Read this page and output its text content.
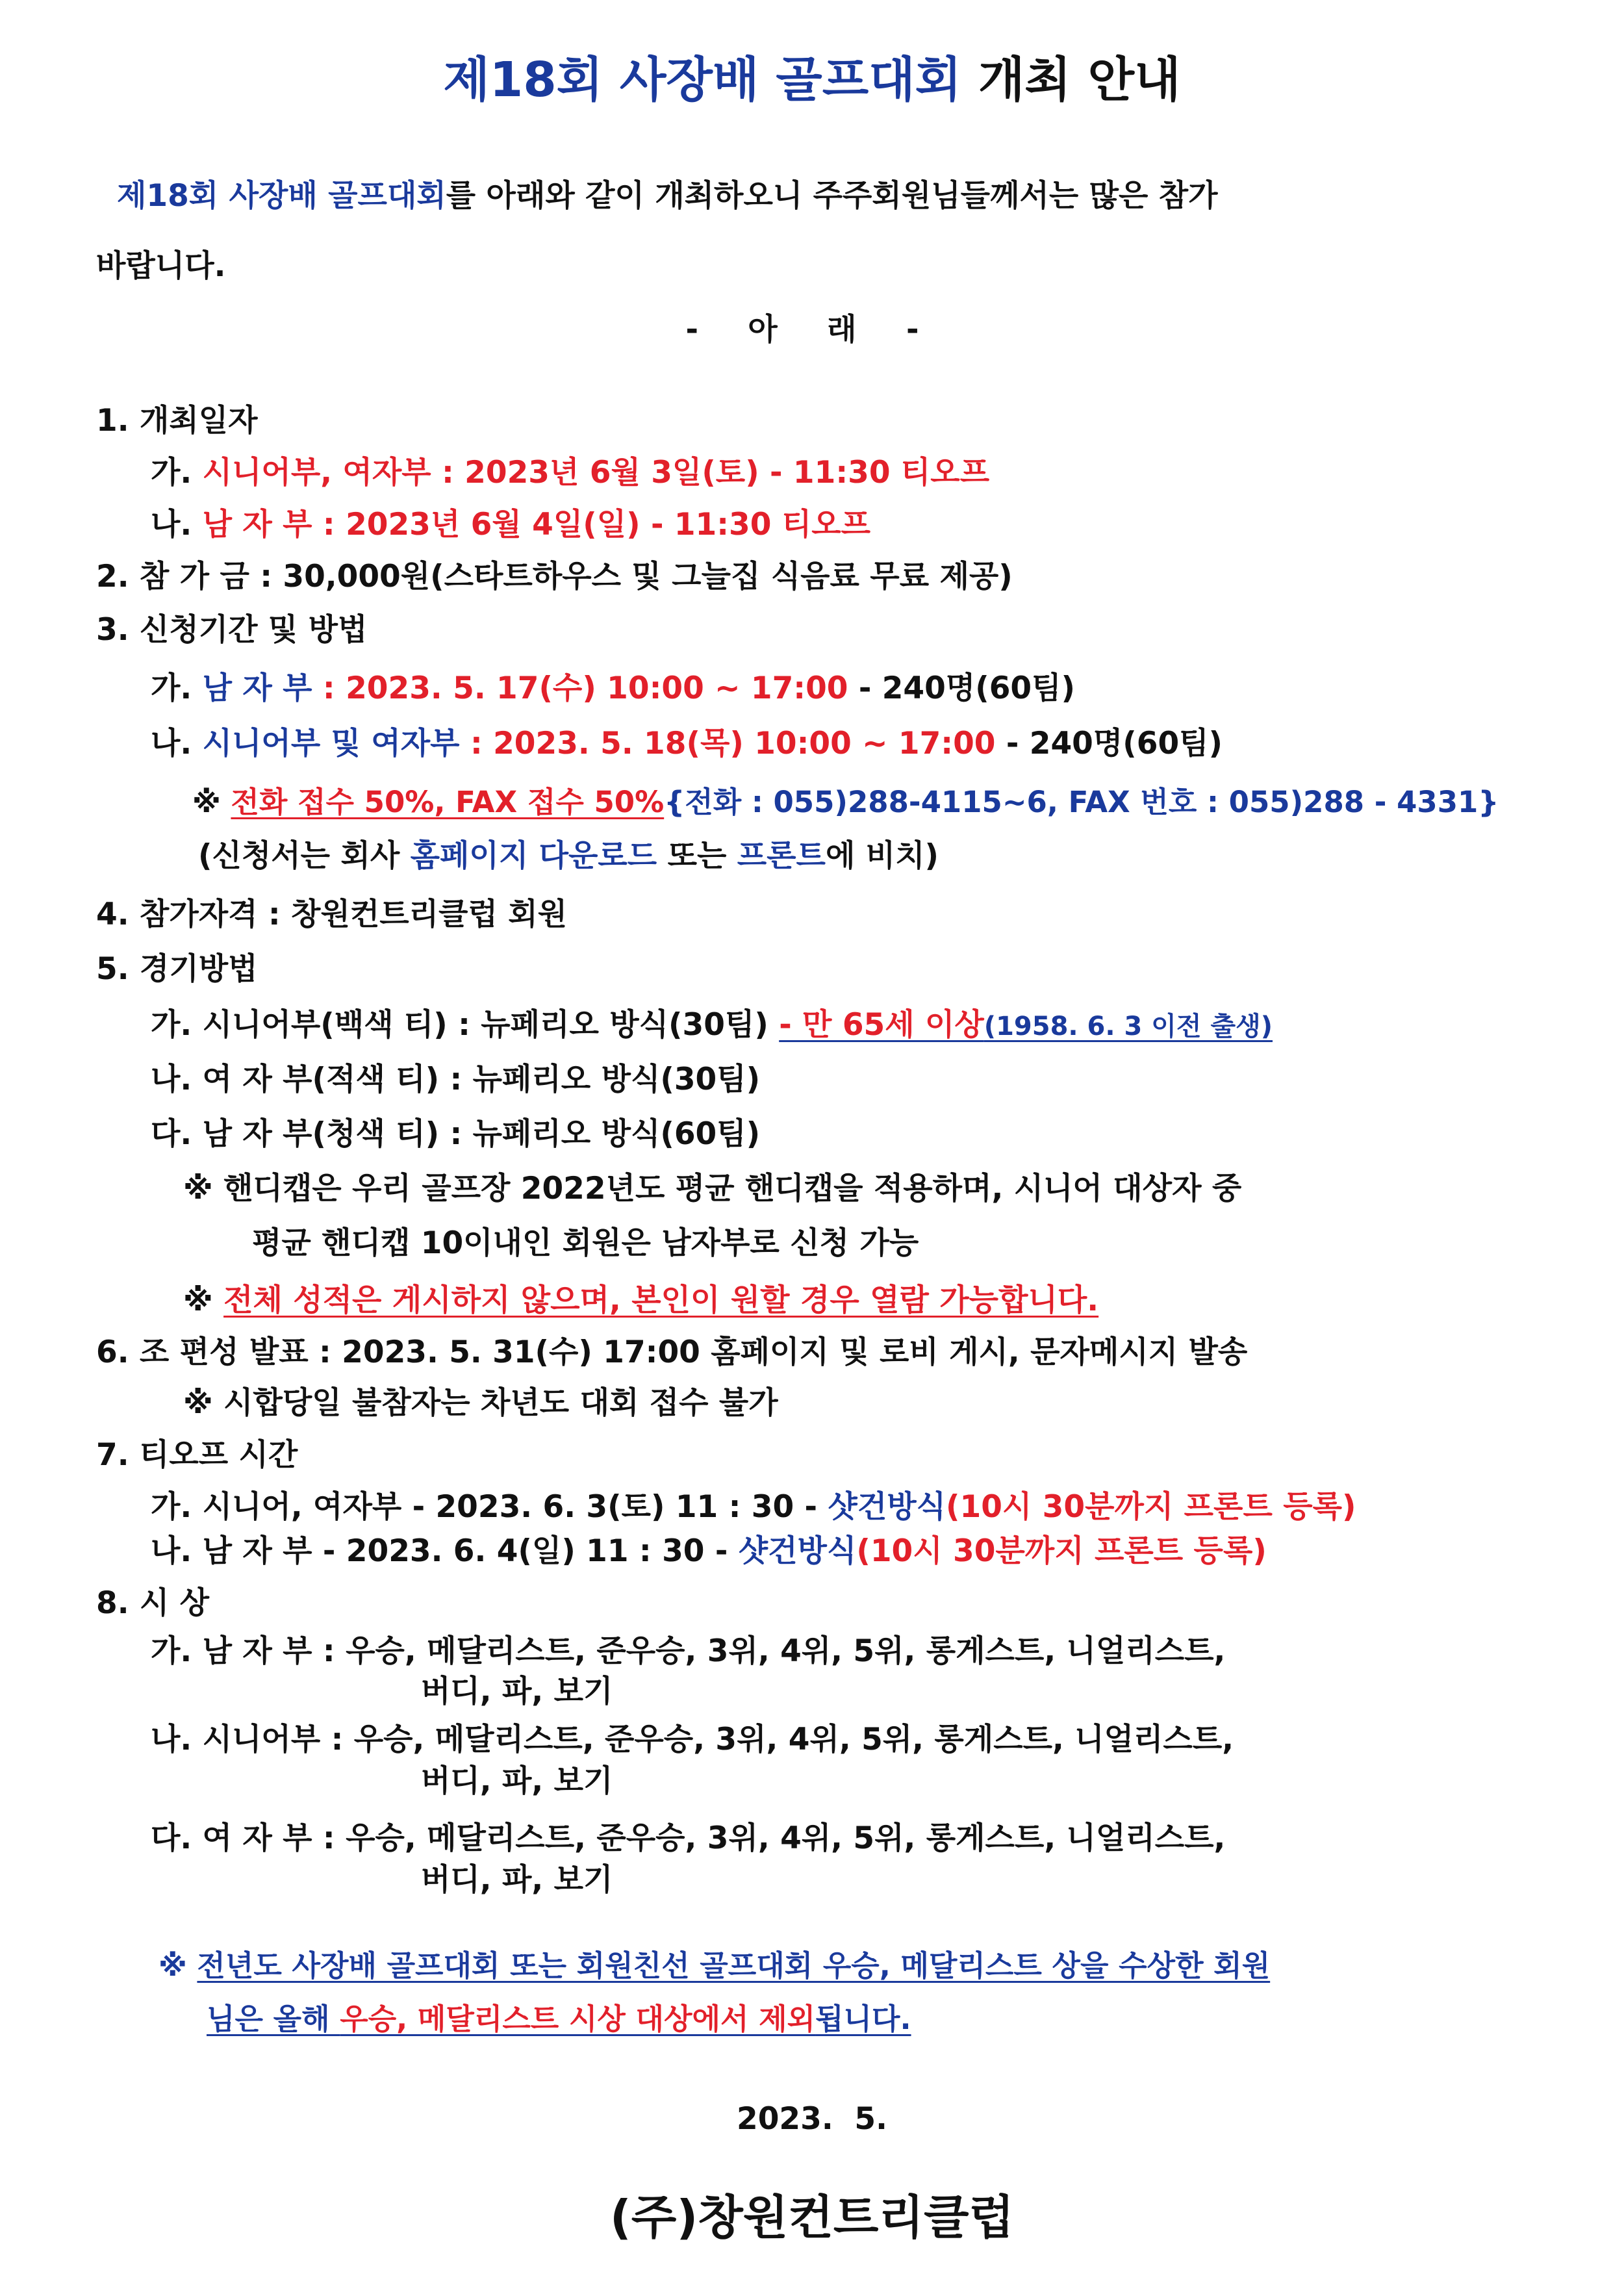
제18회 사장배 골프대회 개최 안내
제18회 사장배 골프대회를 아래와 같이 개최하오니 주주회원님들께서는 많은 참가
바랍니다.
- 아 래 -
1. 개최일자
가. 시니어부, 여자부 : 2023년 6월 3일(토) - 11:30 티오프
나. 남 자 부 : 2023년 6월 4일(일) - 11:30 티오프
2. 참 가 금 : 30,000원(스타트하우스 및 그늘집 식음료 무료 제공)
3. 신청기간 및 방법
가. 남 자 부 : 2023. 5. 17(수) 10:00 ~ 17:00 - 240명(60팀)
나. 시니어부 및 여자부 : 2023. 5. 18(목) 10:00 ~ 17:00 - 240명(60팀)
※ 전화 접수 50%, FAX 접수 50%{전화 : 055)288-4115~6, FAX 번호 : 055)288 - 4331}
(신청서는 회사 홈페이지 다운로드 또는 프론트에 비치)
4. 참가자격 : 창원컨트리클럽 회원
5. 경기방법
가. 시니어부(백색 티) : 뉴페리오 방식(30팀) - 만 65세 이상(1958. 6. 3 이전 출생)
나. 여 자 부(적색 티) : 뉴페리오 방식(30팀)
다. 남 자 부(청색 티) : 뉴페리오 방식(60팀)
※ 핸디캡은 우리 골프장 2022년도 평균 핸디캡을 적용하며, 시니어 대상자 중
평균 핸디캡 10이내인 회원은 남자부로 신청 가능
※ 전체 성적은 게시하지 않으며, 본인이 원할 경우 열람 가능합니다.
6. 조 편성 발표 : 2023. 5. 31(수) 17:00 홈페이지 및 로비 게시, 문자메시지 발송
※ 시합당일 불참자는 차년도 대회 접수 불가
7. 티오프 시간
가. 시니어, 여자부 - 2023. 6. 3(토) 11 : 30 - 샷건방식(10시 30분까지 프론트 등록)
나. 남 자 부 - 2023. 6. 4(일) 11 : 30 - 샷건방식(10시 30분까지 프론트 등록)
8. 시 상
가. 남 자 부 : 우승, 메달리스트, 준우승, 3위, 4위, 5위, 롱게스트, 니얼리스트,
버디, 파, 보기
나. 시니어부 : 우승, 메달리스트, 준우승, 3위, 4위, 5위, 롱게스트, 니얼리스트,
버디, 파, 보기
다. 여 자 부 : 우승, 메달리스트, 준우승, 3위, 4위, 5위, 롱게스트, 니얼리스트,
버디, 파, 보기
※ 전년도 사장배 골프대회 또는 회원친선 골프대회 우승, 메달리스트 상을 수상한 회원
님은 올해 우승, 메달리스트 시상 대상에서 제외됩니다.
2023.  5.
(주)창원컨트리클럽
